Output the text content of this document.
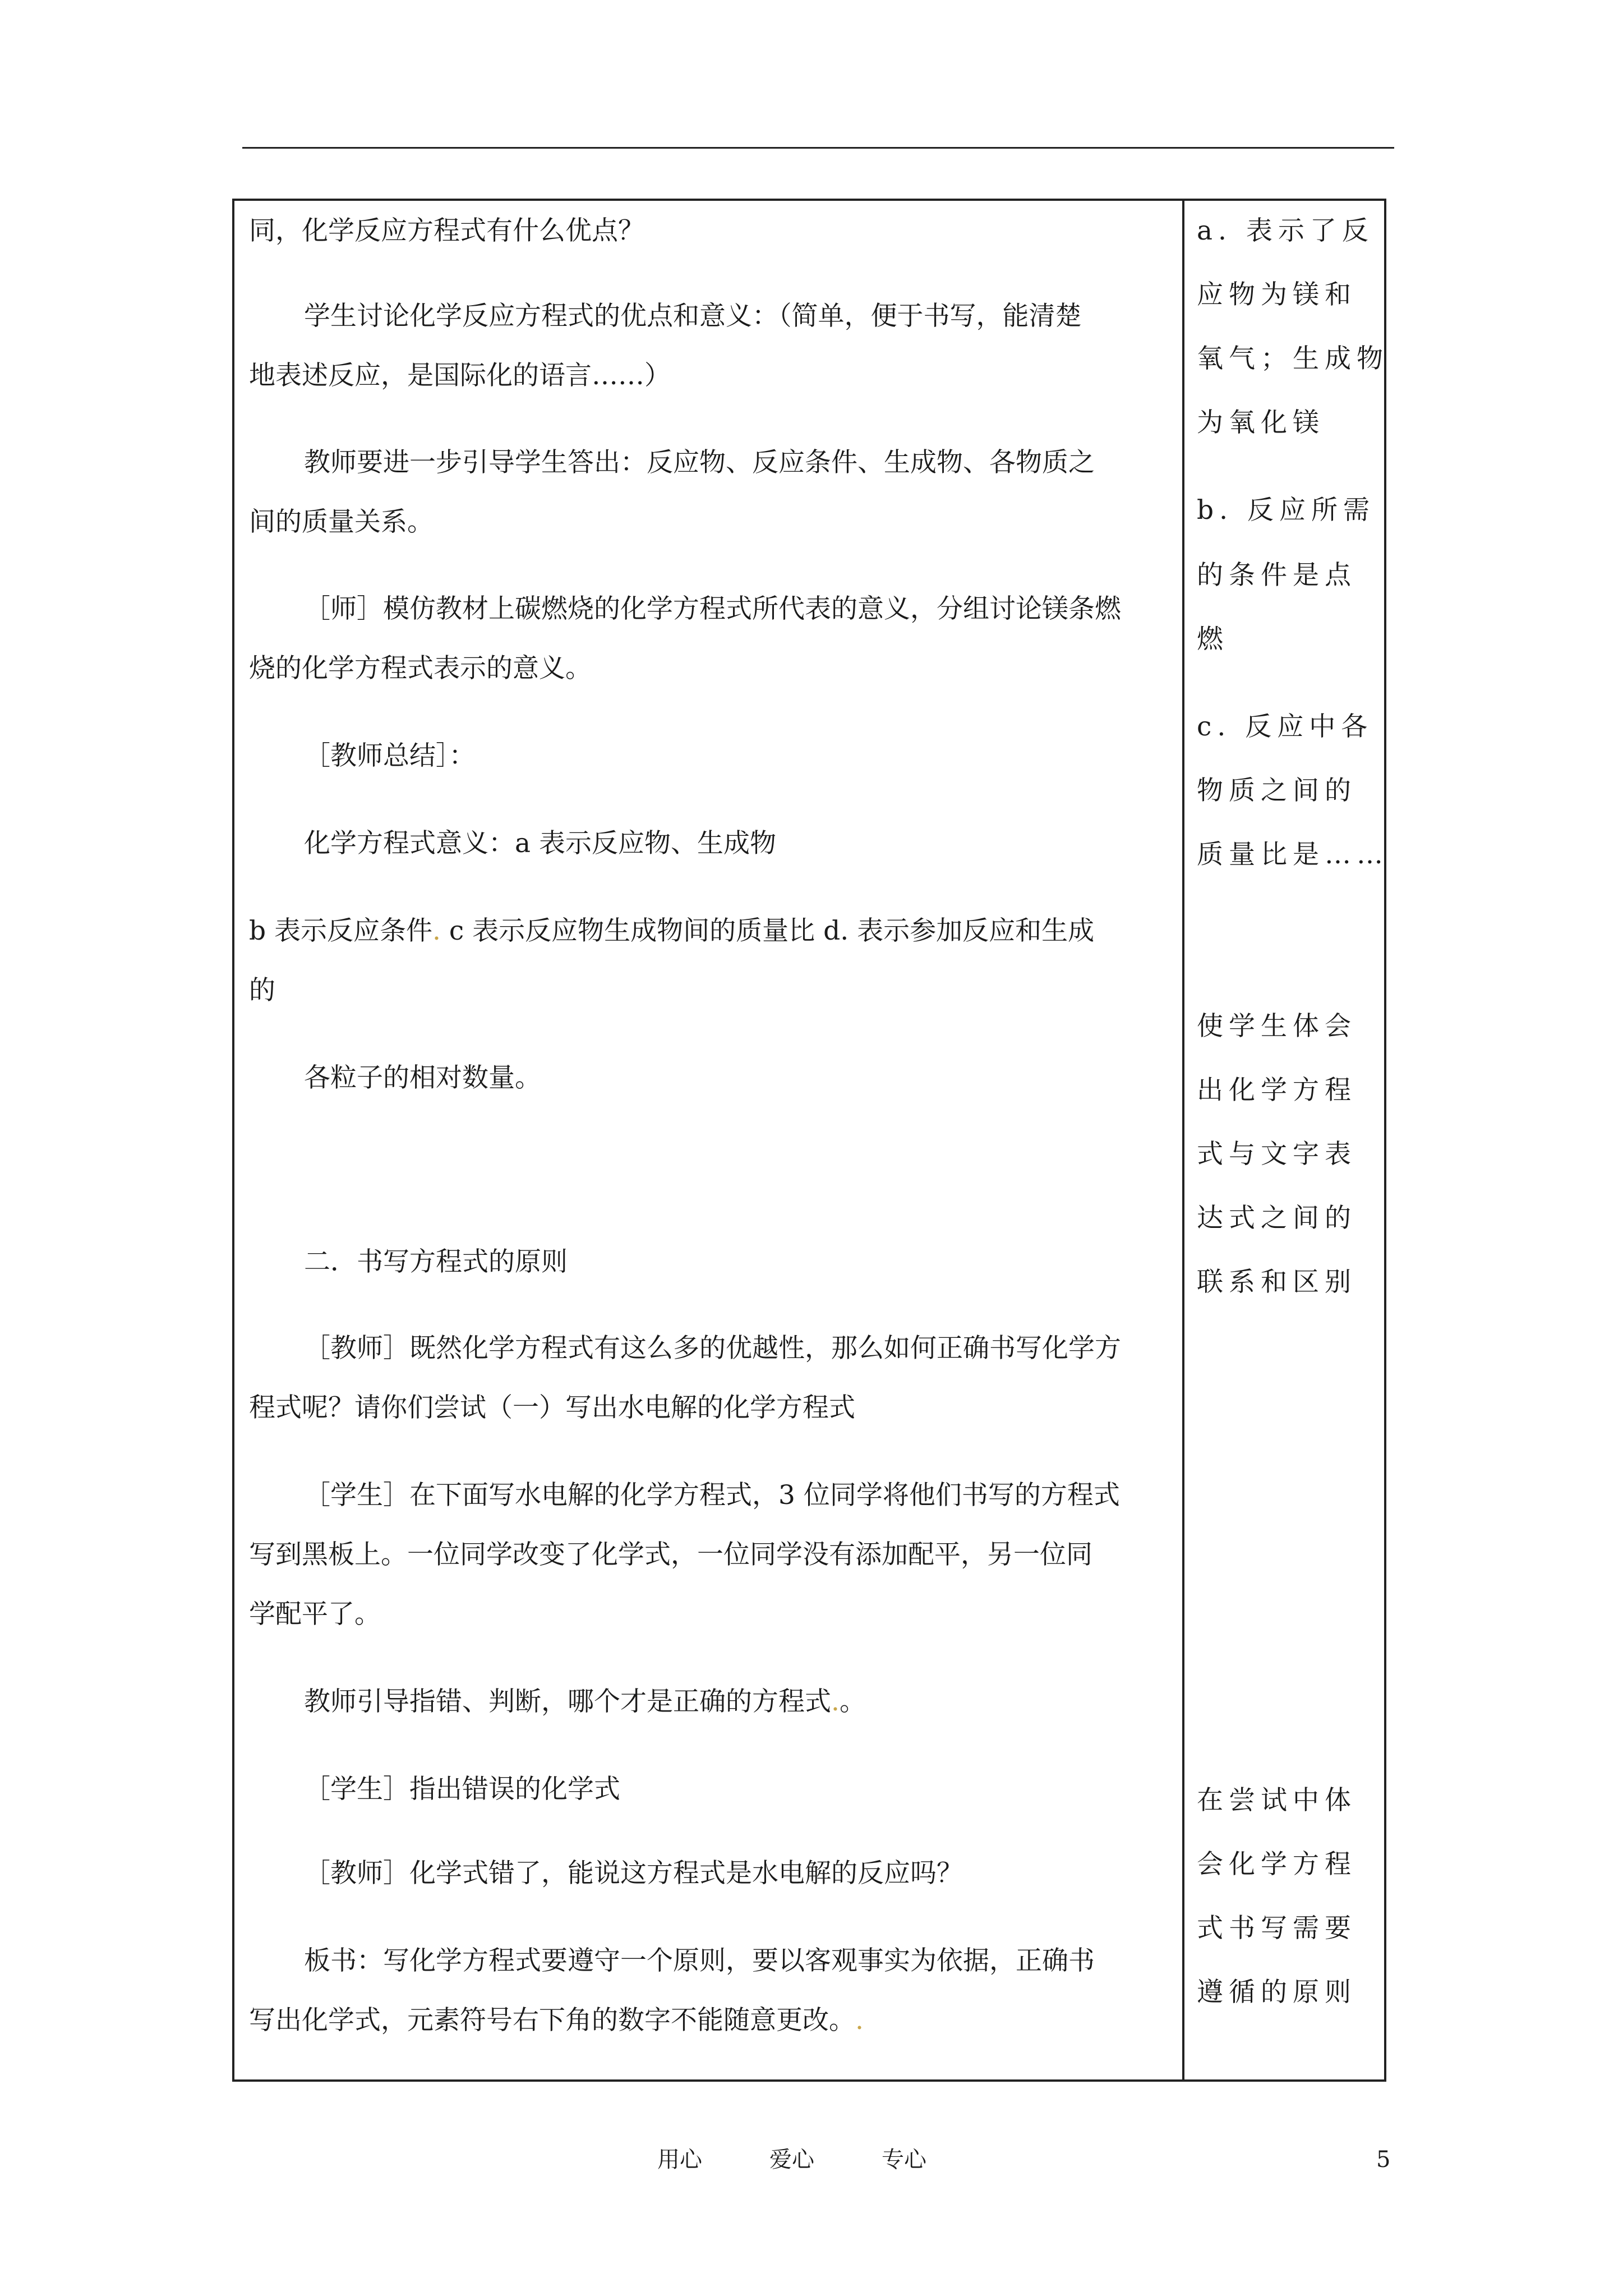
同，化学反应方程式有什么优点？
学生讨论化学反应方程式的优点和意义：（简单，便于书写，能清楚
地表述反应，是国际化的语言……）
教师要进一步引导学生答出：反应物、反应条件、生成物、各物质之
间的质量关系。
［师］模仿教材上碳燃烧的化学方程式所代表的意义，分组讨论镁条燃
烧的化学方程式表示的意义。
［教师总结］：
化学方程式意义：a 表示反应物、生成物
b 表示反应条件. c 表示反应物生成物间的质量比 d. 表示参加反应和生成
的
各粒子的相对数量。
二．书写方程式的原则
［教师］既然化学方程式有这么多的优越性，那么如何正确书写化学方
程式呢？请你们尝试（一）写出水电解的化学方程式
［学生］在下面写水电解的化学方程式，3 位同学将他们书写的方程式
写到黑板上。一位同学改变了化学式，一位同学没有添加配平，另一位同
学配平了。
教师引导指错、判断，哪个才是正确的方程式.。
［学生］指出错误的化学式
［教师］化学式错了，能说这方程式是水电解的反应吗？
板书：写化学方程式要遵守一个原则，要以客观事实为依据，正确书
写出化学式，元素符号右下角的数字不能随意更改。.
a. 表示了反
应物为镁和
氧气；生成物
为氧化镁
b. 反应所需
的条件是点
燃
c. 反应中各
物质之间的
质量比是……
使学生体会
出化学方程
式与文字表
达式之间的
联系和区别
在尝试中体
会化学方程
式书写需要
遵循的原则
用心	爱心	专心	5
